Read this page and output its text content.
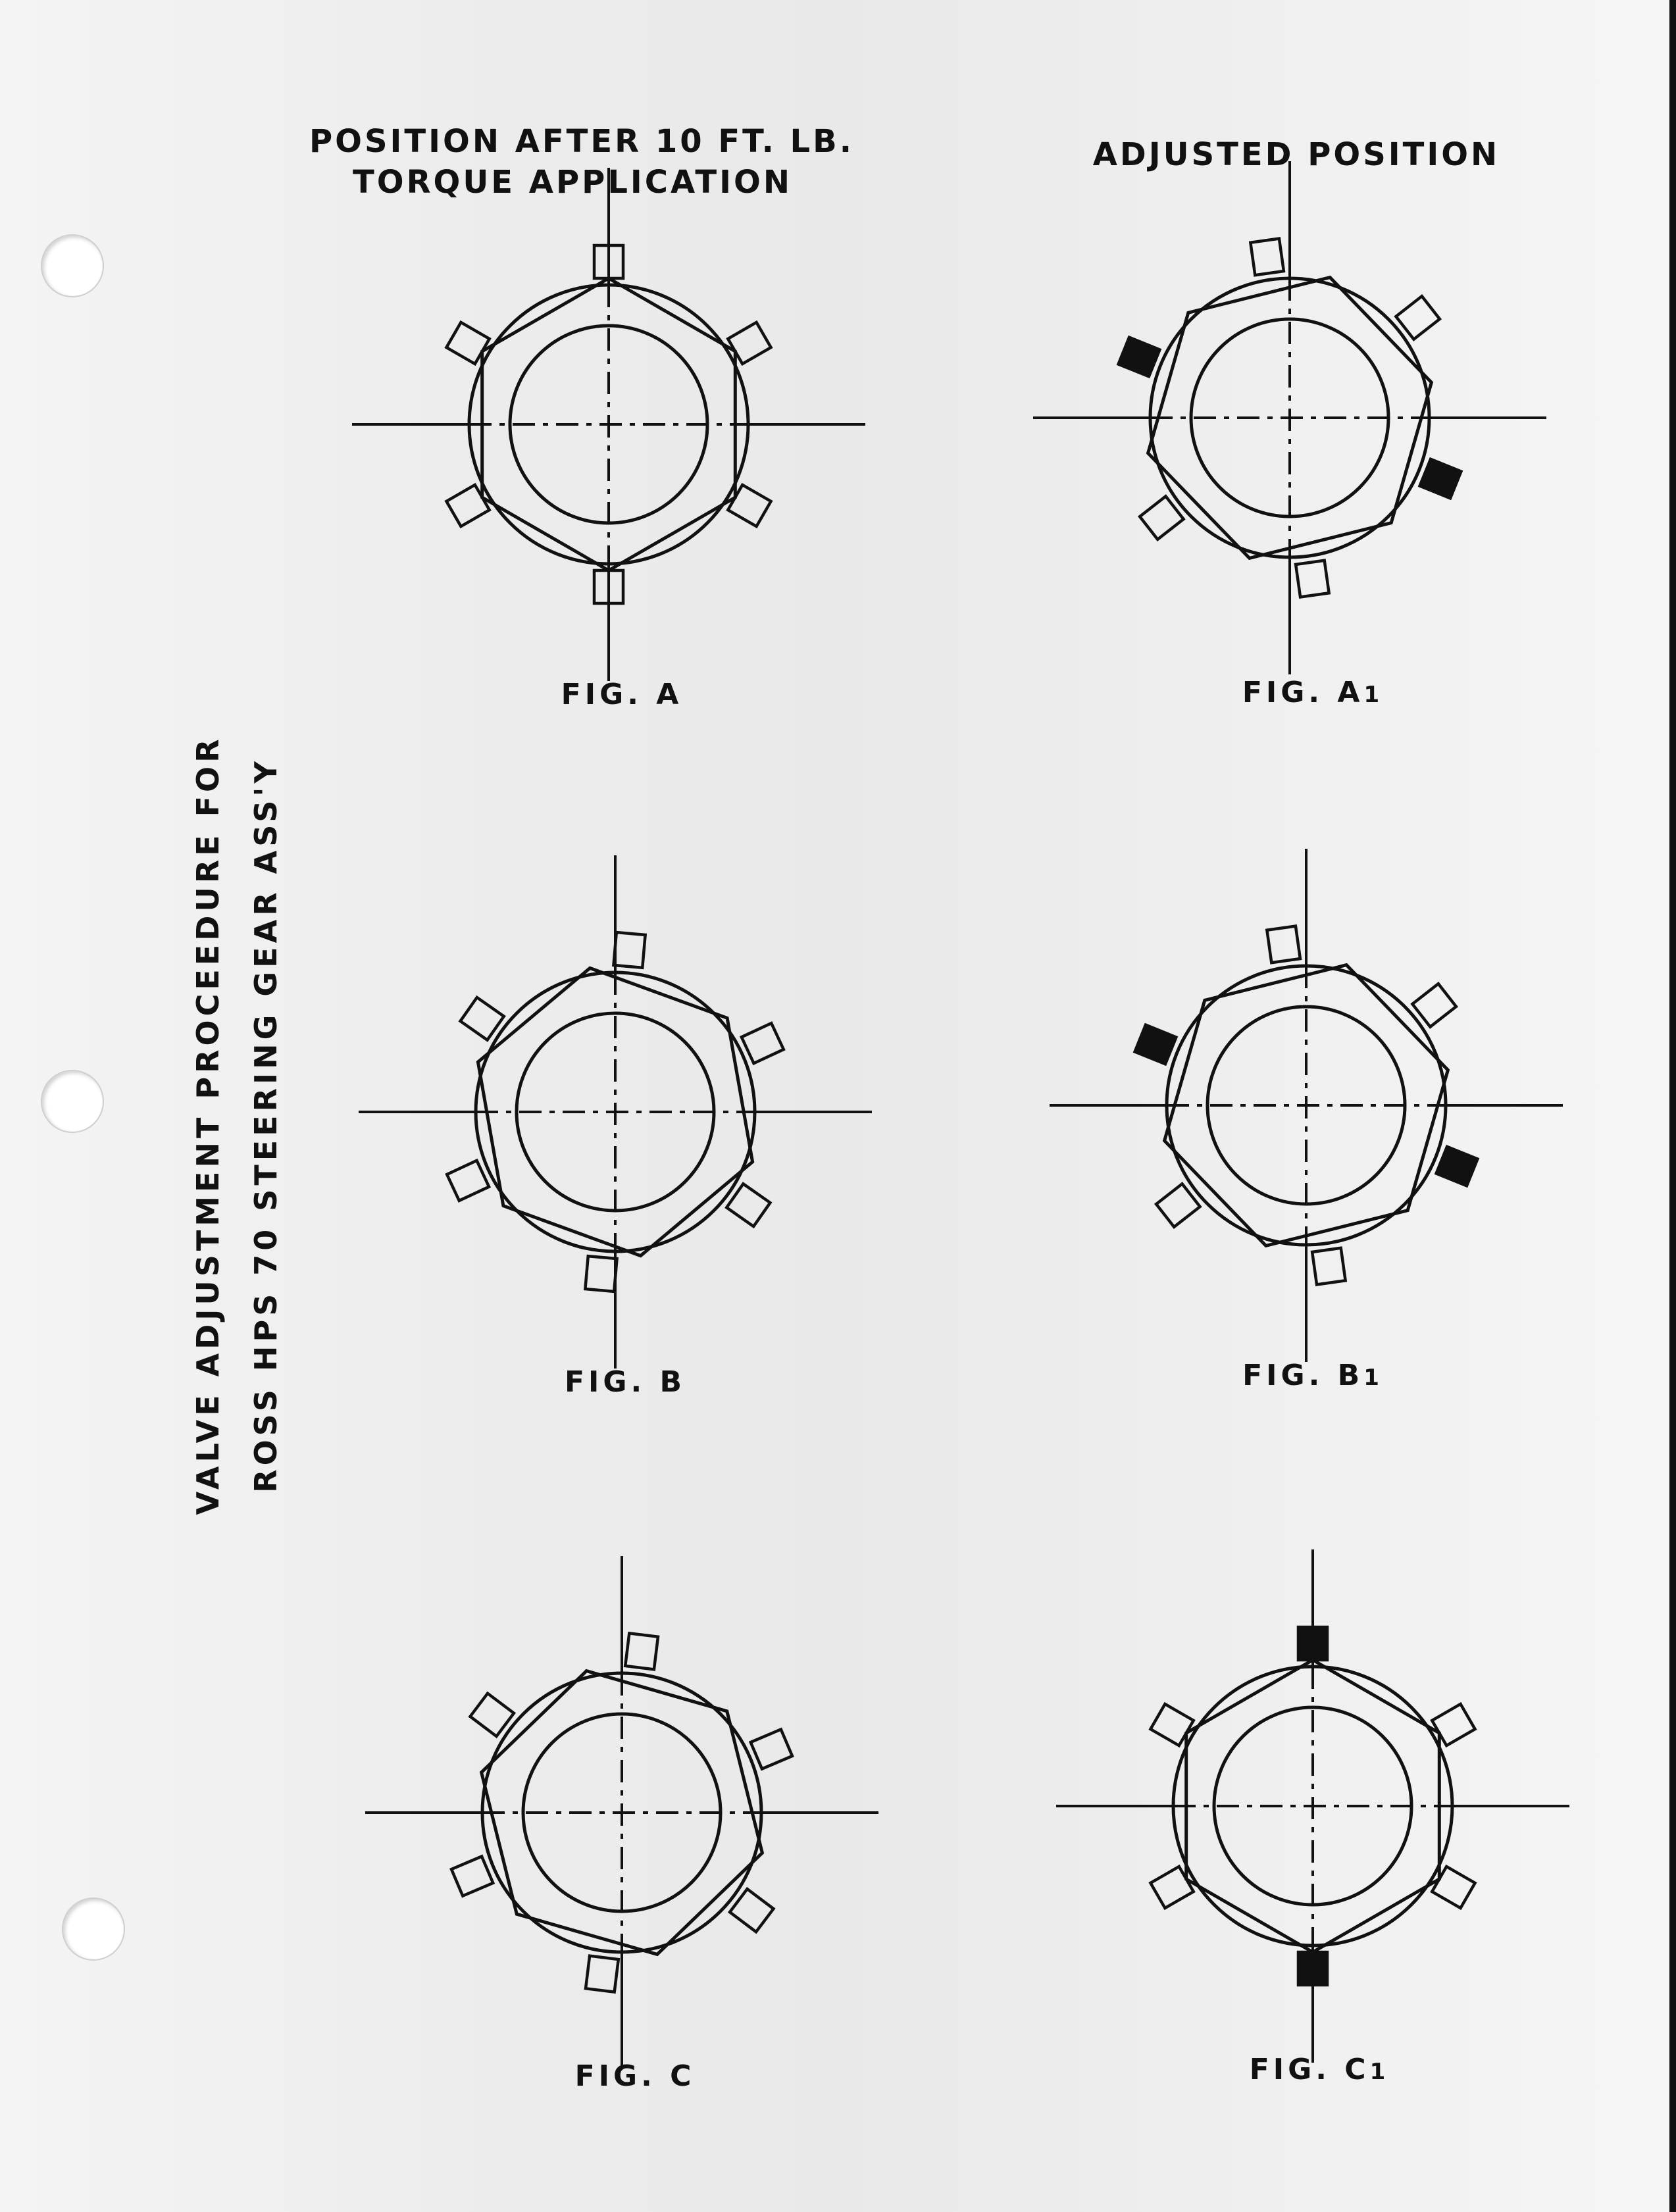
POSITION AFTER 10 FT. LB.
TORQUE APPLICATION
ADJUSTED POSITION
VALVE ADJUSTMENT PROCEEDURE FOR ROSS HPS 70 STEERING GEAR ASS'Y
FIG. A	FIG. A1
FIG. B	FIG. B1
FIG. C	FIG. C1
